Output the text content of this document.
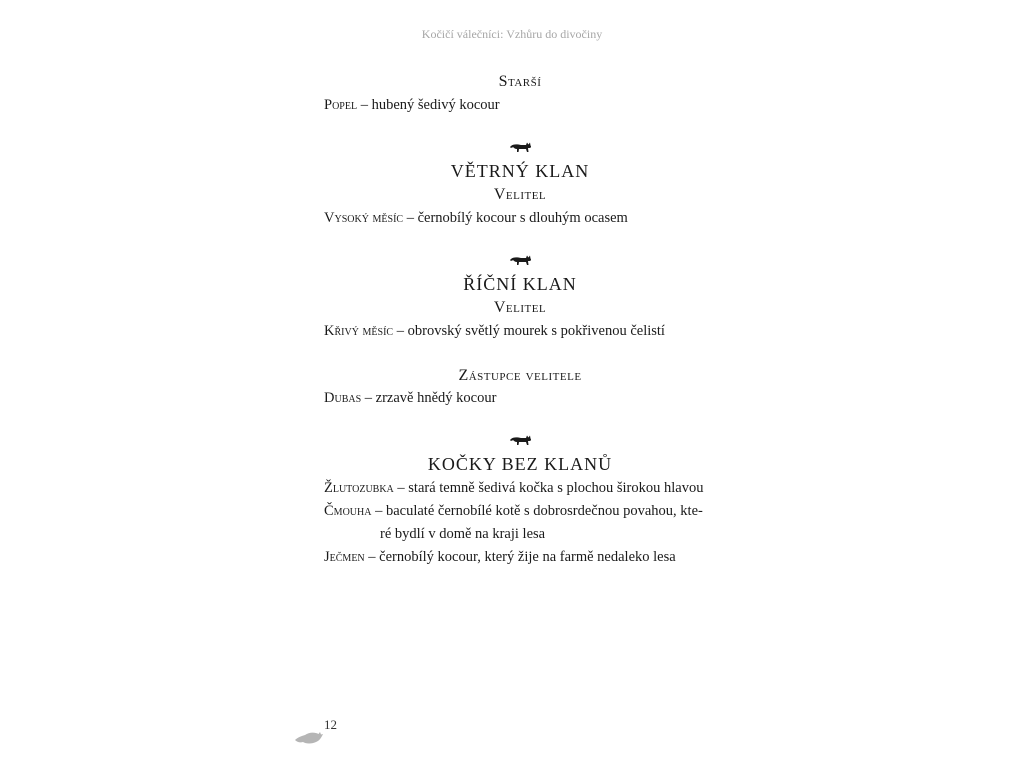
Kočičí válečníci: Vzhůru do divočiny
Starší
Popel – hubený šedivý kocour
VĚTRNÝ KLAN
Velitel
Vysoký měsíc – černobílý kocour s dlouhým ocasem
ŘÍČNÍ KLAN
Velitel
Křivý měsíc – obrovský světlý mourek s pokřivenou čelistí
Zástupce velitele
Dubas – zrzavě hnědý kocour
KOČKY BEZ KLANŮ
Žlutozubka – stará temně šedivá kočka s plochou širokou hlavou
Čmouha – baculaté černobílé kotě s dobrosrdečnou povahou, kte-
ré bydlí v domě na kraji lesa
Ječmen – černobílý kocour, který žije na farmě nedaleko lesa
12
